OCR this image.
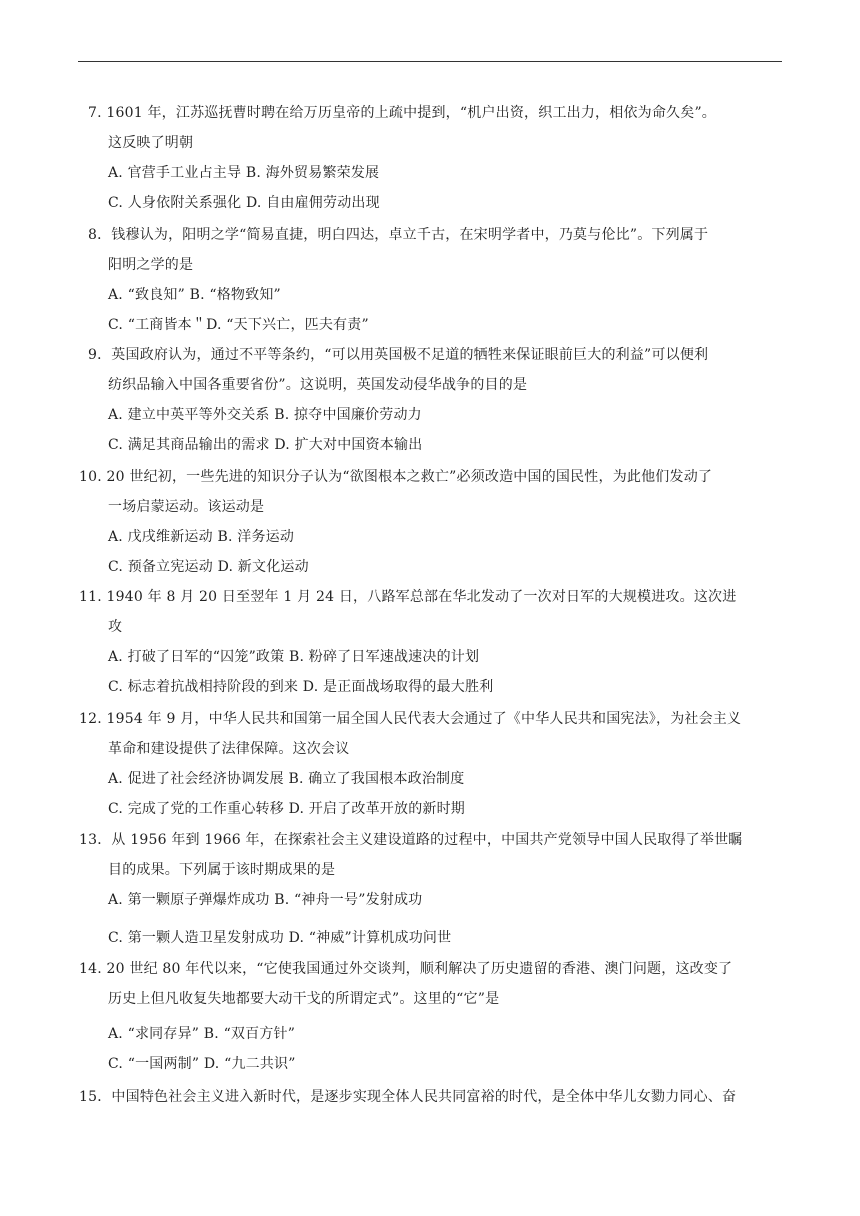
7. 1601 年，江苏巡抚曹时聘在给万历皇帝的上疏中提到，“机户出资，织工出力，相依为命久矣”。
这反映了明朝
A. 官营手工业占主导 B. 海外贸易繁荣发展
C. 人身依附关系强化 D. 自由雇佣劳动出现
8．钱穆认为，阳明之学“简易直捷，明白四达，卓立千古，在宋明学者中，乃莫与伦比”。下列属于
阳明之学的是
A. “致良知” B. “格物致知”
C. “工商皆本＂D. “天下兴亡，匹夫有责”
9．英国政府认为，通过不平等条约，“可以用英国极不足道的牺牲来保证眼前巨大的利益”可以便利
纺织品输入中国各重要省份”。这说明，英国发动侵华战争的目的是
A. 建立中英平等外交关系 B. 掠夺中国廉价劳动力
C. 满足其商品输出的需求 D. 扩大对中国资本输出
10. 20 世纪初，一些先进的知识分子认为“欲图根本之救亡”必须改造中国的国民性，为此他们发动了
一场启蒙运动。该运动是
A. 戊戌维新运动 B. 洋务运动
C. 预备立宪运动 D. 新文化运动
11. 1940 年 8 月 20 日至翌年 1 月 24 日，八路军总部在华北发动了一次对日军的大规模进攻。这次进
攻
A. 打破了日军的“囚笼”政策 B. 粉碎了日军速战速决的计划
C. 标志着抗战相持阶段的到来 D. 是正面战场取得的最大胜利
12. 1954 年 9 月，中华人民共和国第一届全国人民代表大会通过了《中华人民共和国宪法》，为社会主义
革命和建设提供了法律保障。这次会议
A. 促进了社会经济协调发展 B. 确立了我国根本政治制度
C. 完成了党的工作重心转移 D. 开启了改革开放的新时期
13．从 1956 年到 1966 年，在探索社会主义建设道路的过程中，中国共产党领导中国人民取得了举世瞩
目的成果。下列属于该时期成果的是
A. 第一颗原子弹爆炸成功 B. “神舟一号”发射成功
C. 第一颗人造卫星发射成功 D. “神威”计算机成功问世
14. 20 世纪 80 年代以来，“它使我国通过外交谈判，顺利解决了历史遗留的香港、澳门问题，这改变了
历史上但凡收复失地都要大动干戈的所谓定式”。这里的“它”是
A. “求同存异” B. “双百方针”
C. “一国两制” D. “九二共识”
15．中国特色社会主义进入新时代，是逐步实现全体人民共同富裕的时代，是全体中华儿女勠力同心、奋
